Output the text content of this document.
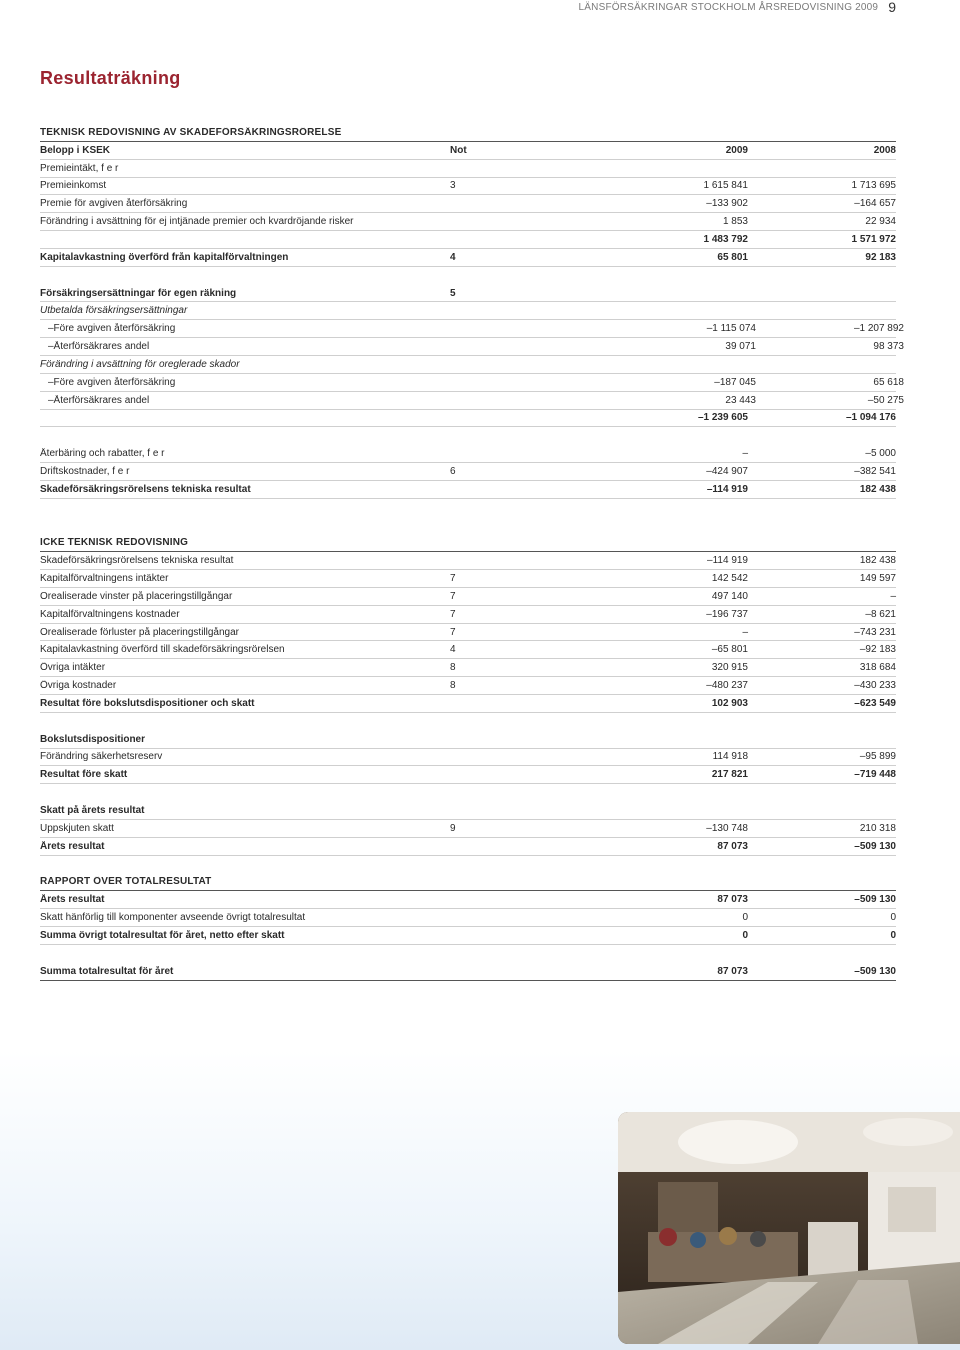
LÄNSFÖRSÄKRINGAR STOCKHOLM ÅRSREDOVISNING 2009 9
Resultaträkning
TEKNISK REDOVISNING AV SKADEFÖRSÄKRINGSRÖRELSE
Belopp i KSEK	Not	2009	2008
Premieintäkt, f e r
Premieinkomst	3	1 615 841	1 713 695
Premie för avgiven återförsäkring	–133 902	–164 657
Förändring i avsättning för ej intjänade premier och kvardröjande risker	1 853	22 934
1 483 792	1 571 972
Kapitalavkastning överförd från kapitalförvaltningen	4	65 801	92 183
Försäkringsersättningar för egen räkning	5
Utbetalda försäkringsersättningar
–Före avgiven återförsäkring	–1 115 074	–1 207 892
–Återförsäkrares andel	39 071	98 373
Förändring i avsättning för oreglerade skador
–Före avgiven återförsäkring	–187 045	65 618
–Återförsäkrares andel	23 443	–50 275
–1 239 605	–1 094 176
Återbäring och rabatter, f e r	–	–5 000
Driftskostnader, f e r	6	–424 907	–382 541
Skadeförsäkringsrörelsens tekniska resultat	–114 919	182 438
ICKE TEKNISK REDOVISNING
Skadeförsäkringsrörelsens tekniska resultat	–114 919	182 438
Kapitalförvaltningens intäkter	7	142 542	149 597
Orealiserade vinster på placeringstillgångar	7	497 140	–
Kapitalförvaltningens kostnader	7	–196 737	–8 621
Orealiserade förluster på placeringstillgångar	7	–	–743 231
Kapitalavkastning överförd till skadeförsäkringsrörelsen	4	–65 801	–92 183
Övriga intäkter	8	320 915	318 684
Övriga kostnader	8	–480 237	–430 233
Resultat före bokslutsdispositioner och skatt	102 903	–623 549
Bokslutsdispositioner
Förändring säkerhetsreserv	114 918	–95 899
Resultat före skatt	217 821	–719 448
Skatt på årets resultat
Uppskjuten skatt	9	–130 748	210 318
Årets resultat	87 073	–509 130
RAPPORT ÖVER TOTALRESULTAT
Årets resultat	87 073	–509 130
Skatt hänförlig till komponenter avseende övrigt totalresultat	0	0
Summa övrigt totalresultat för året, netto efter skatt	0	0
Summa totalresultat för året	87 073	–509 130
